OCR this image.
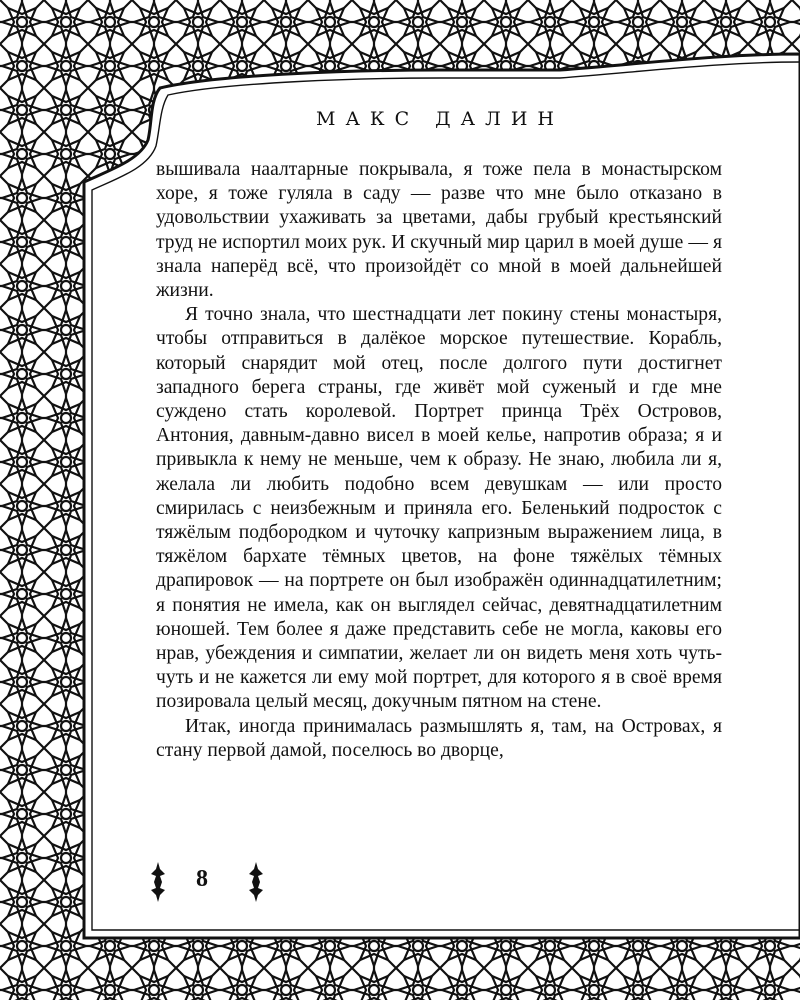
МАКС ДАЛИН

вышивала наалтарные покрывала, я тоже пела в монастырском хоре, я тоже гуляла в саду — разве что мне было отказано в удовольствии ухаживать за цветами, дабы грубый крестьянский труд не испортил моих рук. И скучный мир царил в моей душе — я знала наперёд всё, что произойдёт со мной в моей дальнейшей жизни.

Я точно знала, что шестнадцати лет покину стены монастыря, чтобы отправиться в далёкое морское путешествие. Корабль, который снарядит мой отец, после долгого пути достигнет западного берега страны, где живёт мой суженый и где мне суждено стать королевой. Портрет принца Трёх Островов, Антония, давным-давно висел в моей келье, напротив образа; я и привыкла к нему не меньше, чем к образу. Не знаю, любила ли я, желала ли любить подобно всем девушкам — или просто смирилась с неизбежным и приняла его. Беленький подросток с тяжёлым подбородком и чуточку капризным выражением лица, в тяжёлом бархате тёмных цветов, на фоне тяжёлых тёмных драпировок — на портрете он был изображён одиннадцатилетним; я понятия не имела, как он выглядел сейчас, девятнадцатилетним юношей. Тем более я даже представить себе не могла, каковы его нрав, убеждения и симпатии, желает ли он видеть меня хоть чуть-чуть и не кажется ли ему мой портрет, для которого я в своё время позировала целый месяц, докучным пятном на стене.

Итак, иногда принималась размышлять я, там, на Островах, я стану первой дамой, поселюсь во дворце,

8
